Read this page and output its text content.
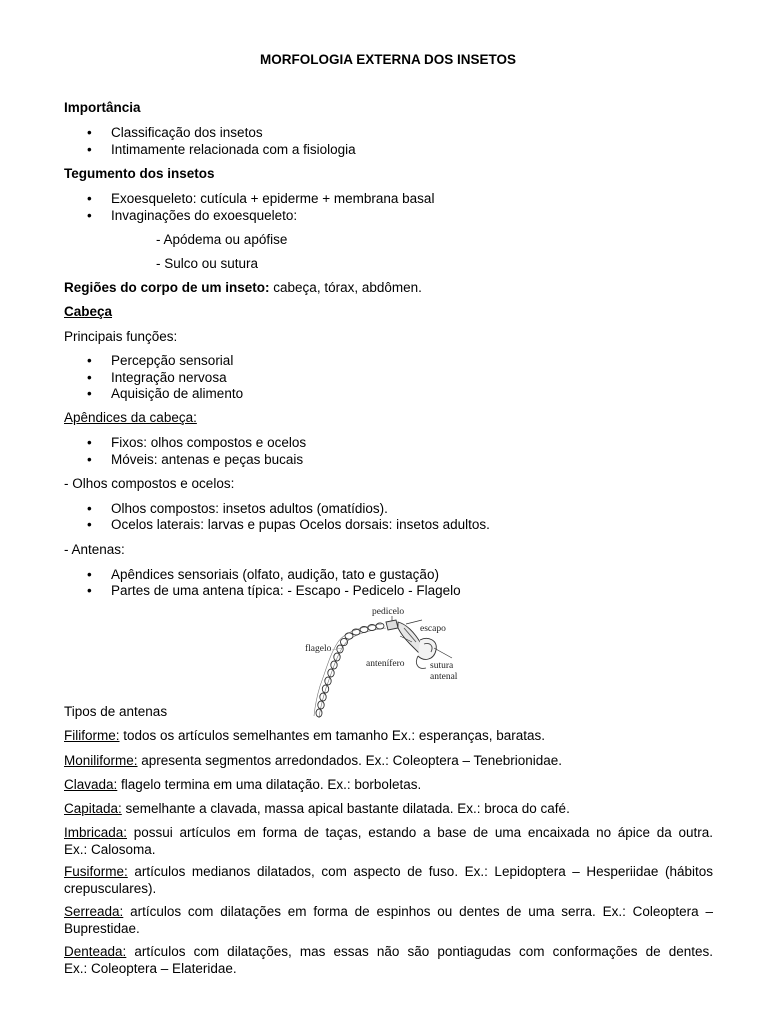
MORFOLOGIA EXTERNA DOS INSETOS
Importância
Classificação dos insetos
Intimamente relacionada com a fisiologia
Tegumento dos insetos
Exoesqueleto: cutícula + epiderme + membrana basal
Invaginações do exoesqueleto:
- Apódema ou apófise
- Sulco ou sutura
Regiões do corpo de um inseto: cabeça, tórax, abdômen.
Cabeça
Principais funções:
Percepção sensorial
Integração nervosa
Aquisição de alimento
Apêndices da cabeça:
Fixos: olhos compostos e ocelos
Móveis: antenas e peças bucais
- Olhos compostos e ocelos:
Olhos compostos: insetos adultos (omatídios).
Ocelos laterais: larvas e pupas Ocelos dorsais: insetos adultos.
- Antenas:
Apêndices sensoriais (olfato, audição, tato e gustação)
Partes de uma antena típica: - Escapo - Pedicelo - Flagelo
pedicelo
escapo
flagelo
antenífero	sutura
antenal
Tipos de antenas
Filiforme: todos os artículos semelhantes em tamanho Ex.: esperanças, baratas.
Moniliforme: apresenta segmentos arredondados. Ex.: Coleoptera – Tenebrionidae.
Clavada: flagelo termina em uma dilatação. Ex.: borboletas.
Capitada: semelhante a clavada, massa apical bastante dilatada. Ex.: broca do café.
Imbricada: possui artículos em forma de taças, estando a base de uma encaixada no ápice da outra.
Ex.: Calosoma.
Fusiforme: artículos medianos dilatados, com aspecto de fuso. Ex.: Lepidoptera – Hesperiidae (hábitos
crepusculares).
Serreada: artículos com dilatações em forma de espinhos ou dentes de uma serra. Ex.: Coleoptera –
Buprestidae.
Denteada: artículos com dilatações, mas essas não são pontiagudas com conformações de dentes.
Ex.: Coleoptera – Elateridae.
